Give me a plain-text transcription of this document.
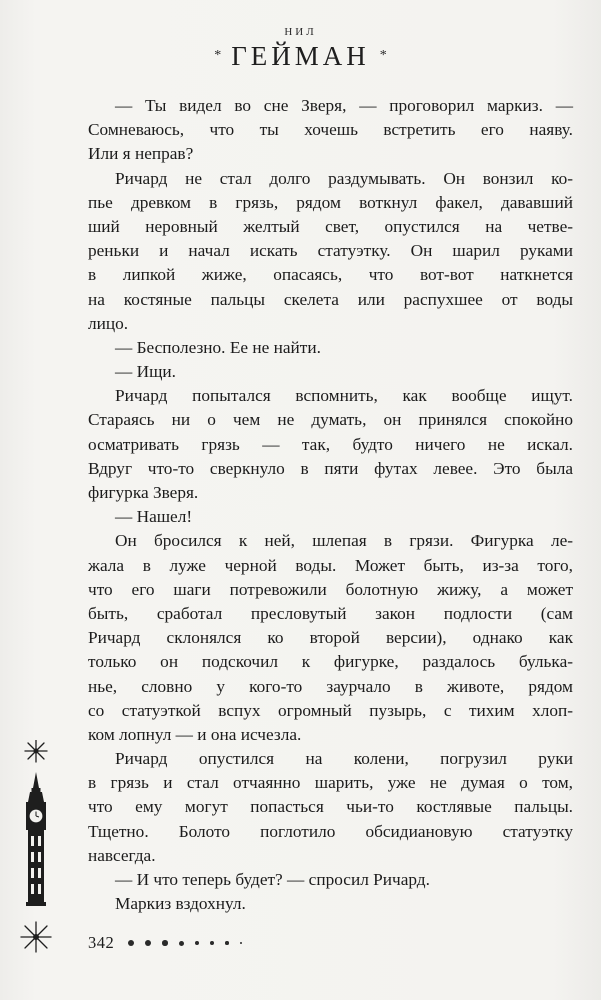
НИЛ
* ГЕЙМАН *
— Ты видел во сне Зверя, — проговорил маркиз. —
Сомневаюсь, что ты хочешь встретить его наяву.
Или я неправ?
Ричард не стал долго раздумывать. Он вонзил ко-
пье древком в грязь, рядом воткнул факел, дававший
ший неровный желтый свет, опустился на четве-
реньки и начал искать статуэтку. Он шарил руками
в липкой жиже, опасаясь, что вот-вот наткнется
на костяные пальцы скелета или распухшее от воды
лицо.
— Бесполезно. Ее не найти.
— Ищи.
Ричард попытался вспомнить, как вообще ищут.
Стараясь ни о чем не думать, он принялся спокойно
осматривать грязь — так, будто ничего не искал.
Вдруг что-то сверкнуло в пяти футах левее. Это была
фигурка Зверя.
— Нашел!
Он бросился к ней, шлепая в грязи. Фигурка ле-
жала в луже черной воды. Может быть, из-за того,
что его шаги потревожили болотную жижу, а может
быть, сработал пресловутый закон подлости (сам
Ричард склонялся ко второй версии), однако как
только он подскочил к фигурке, раздалось булька-
нье, словно у кого-то заурчало в животе, рядом
со статуэткой вспух огромный пузырь, с тихим хлоп-
ком лопнул — и она исчезла.
Ричард опустился на колени, погрузил руки
в грязь и стал отчаянно шарить, уже не думая о том,
что ему могут попасться чьи-то костлявые пальцы.
Тщетно. Болото поглотило обсидиановую статуэтку
навсегда.
— И что теперь будет? — спросил Ричард.
Маркиз вздохнул.
342
